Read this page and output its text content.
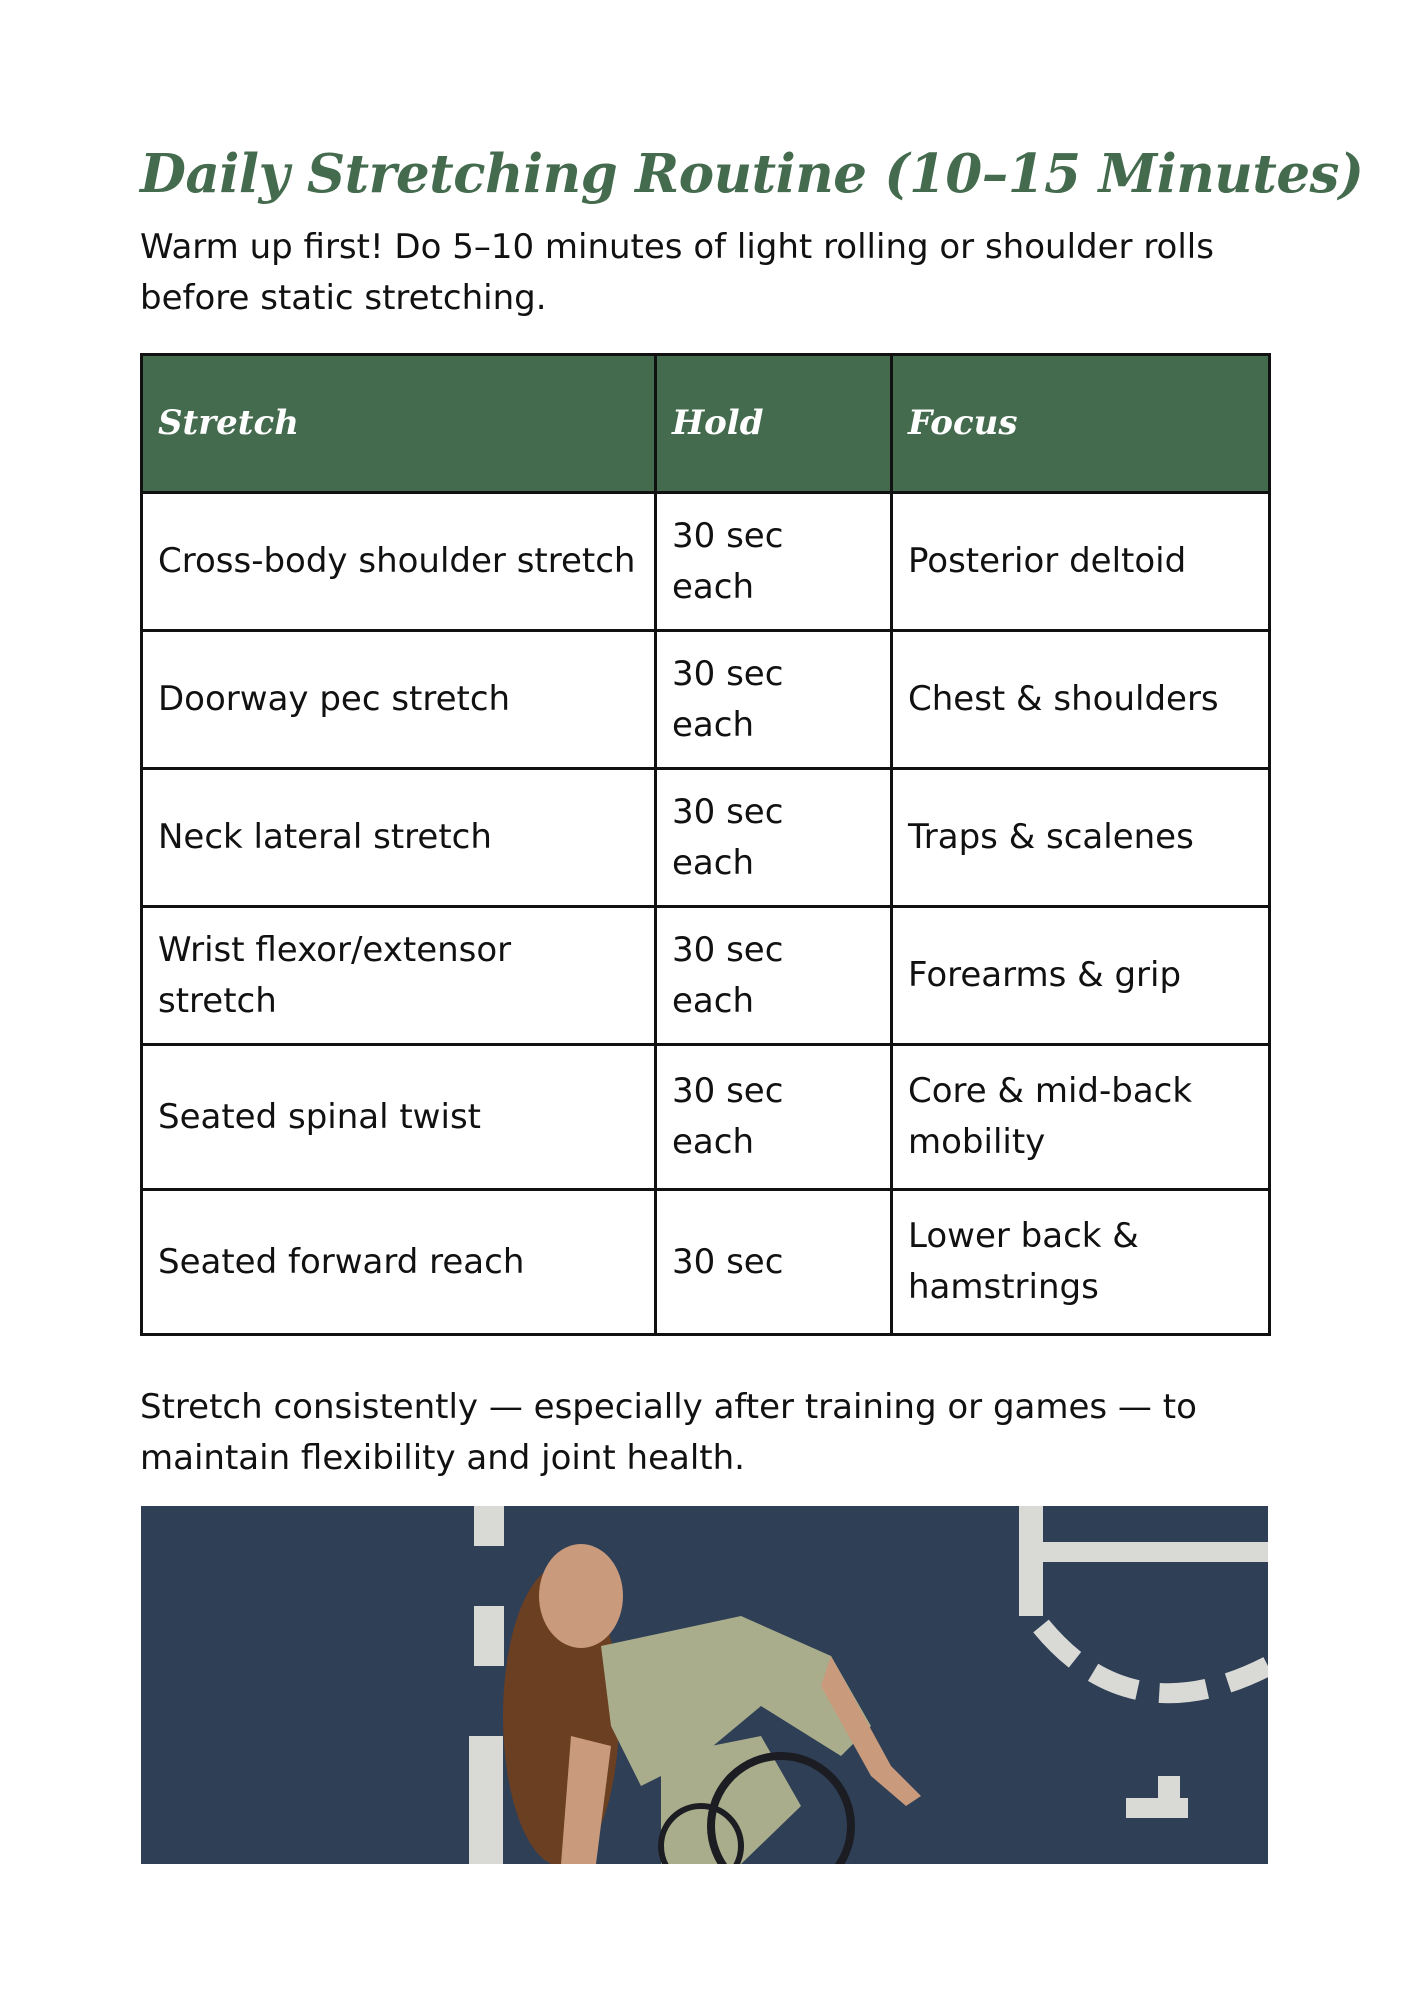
Daily Stretching Routine (10–15 Minutes)

Warm up first! Do 5–10 minutes of light rolling or shoulder rolls before static stretching.

Stretch	Hold	Focus
Cross-body shoulder stretch	30 sec each	Posterior deltoid
Doorway pec stretch	30 sec each	Chest & shoulders
Neck lateral stretch	30 sec each	Traps & scalenes
Wrist flexor/extensor stretch	30 sec each	Forearms & grip
Seated spinal twist	30 sec each	Core & mid-back mobility
Seated forward reach	30 sec	Lower back & hamstrings

Stretch consistently — especially after training or games — to maintain flexibility and joint health.
